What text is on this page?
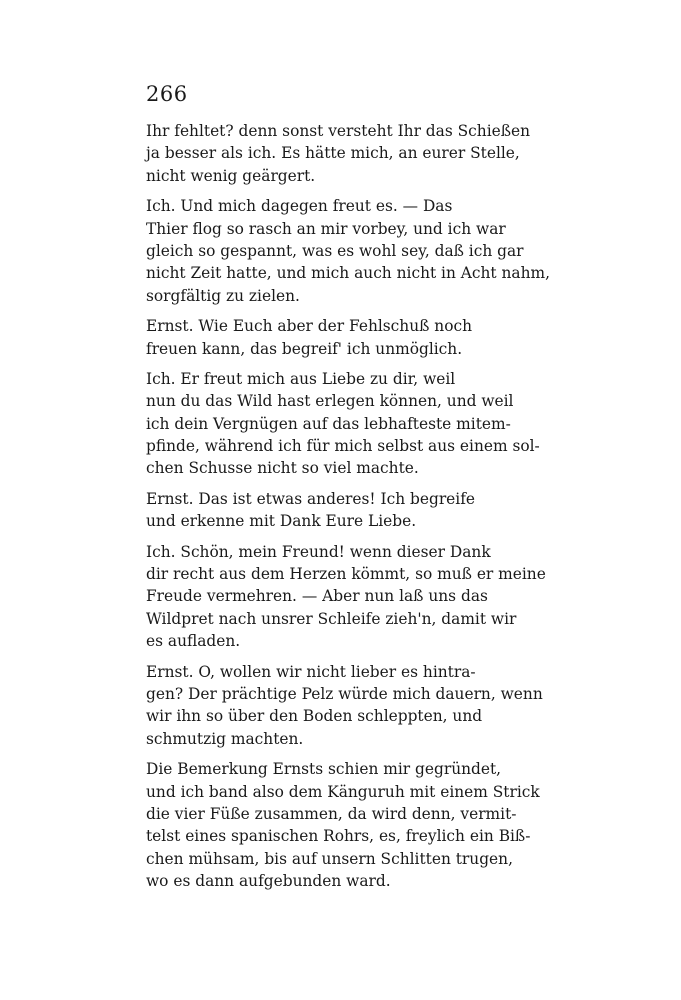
266
Ihr fehltet? denn sonst versteht Ihr das Schießen
ja besser als ich. Es hätte mich, an eurer Stelle,
nicht wenig geärgert.
Ich. Und mich dagegen freut es. — Das
Thier flog so rasch an mir vorbey, und ich war
gleich so gespannt, was es wohl sey, daß ich gar
nicht Zeit hatte, und mich auch nicht in Acht nahm,
sorgfältig zu zielen.
Ernst. Wie Euch aber der Fehlschuß noch
freuen kann, das begreif' ich unmöglich.
Ich. Er freut mich aus Liebe zu dir, weil
nun du das Wild hast erlegen können, und weil
ich dein Vergnügen auf das lebhafteste mitem-
pfinde, während ich für mich selbst aus einem sol-
chen Schusse nicht so viel machte.
Ernst. Das ist etwas anderes! Ich begreife
und erkenne mit Dank Eure Liebe.
Ich. Schön, mein Freund! wenn dieser Dank
dir recht aus dem Herzen kömmt, so muß er meine
Freude vermehren. — Aber nun laß uns das
Wildpret nach unsrer Schleife zieh'n, damit wir
es aufladen.
Ernst. O, wollen wir nicht lieber es hintra-
gen? Der prächtige Pelz würde mich dauern, wenn
wir ihn so über den Boden schleppten, und
schmutzig machten.
Die Bemerkung Ernsts schien mir gegründet,
und ich band also dem Känguruh mit einem Strick
die vier Füße zusammen, da wird denn, vermit-
telst eines spanischen Rohrs, es, freylich ein Biß-
chen mühsam, bis auf unsern Schlitten trugen,
wo es dann aufgebunden ward.
